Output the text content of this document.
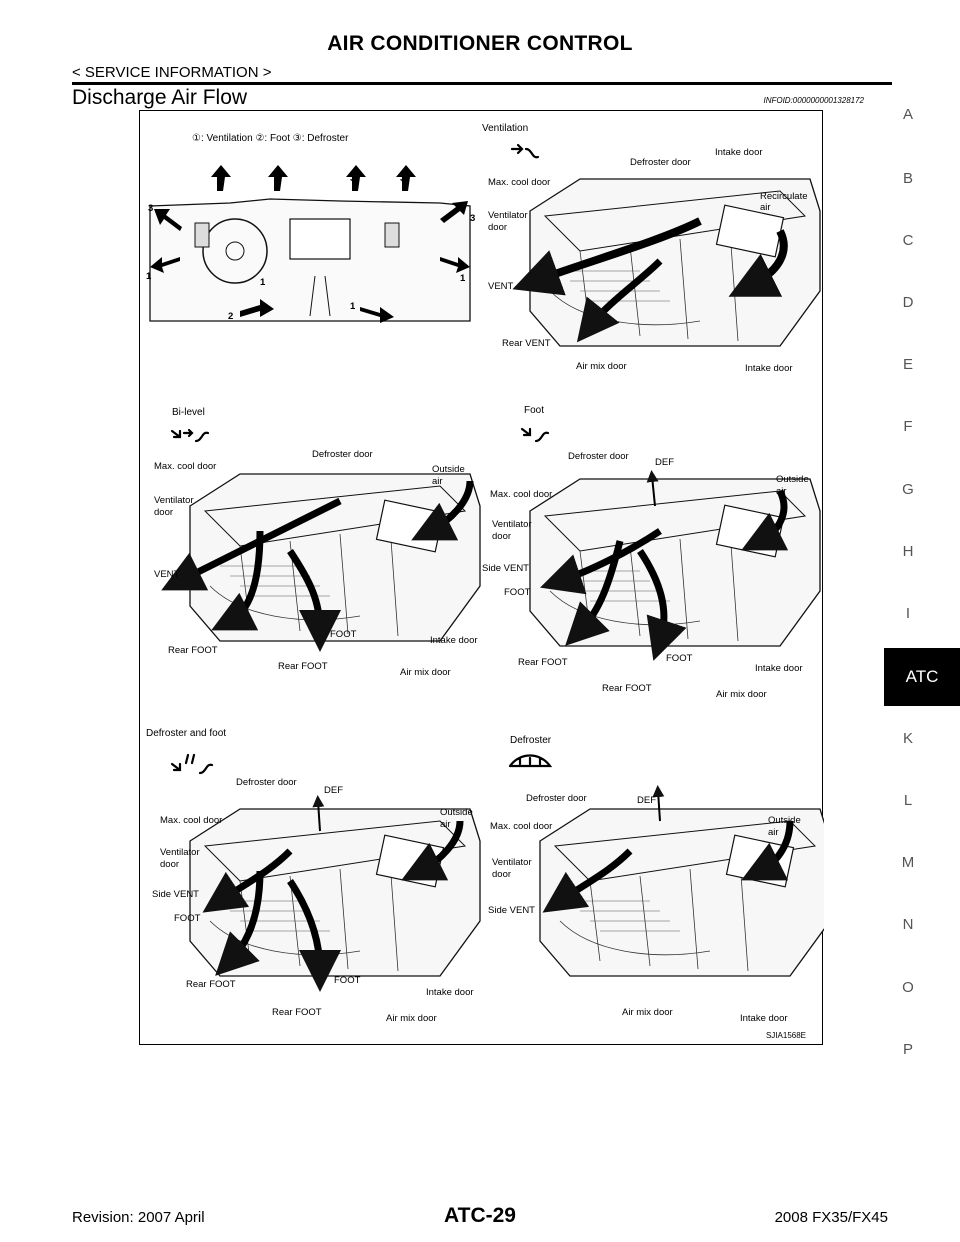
AIR CONDITIONER CONTROL
< SERVICE INFORMATION >
Discharge Air Flow	INFOID:0000000001328172
①: Ventilation ②: Foot ③: Defroster
3	3	3	3
3
3
1
1
1
1
2	2
Ventilation
Defroster door
Intake door
Max. cool door
Recirculate
air
Ventilator
door
VENT
Rear VENT
Air mix door	Intake door
Bi-level
Defroster door
Max. cool door	Outside
air
Ventilator
door
VENT
FOOT
Intake door
Rear FOOT
Rear FOOT
Air mix door
Foot
Defroster door
DEF
Max. cool door
Outside
air
Ventilator
door
Side VENT
FOOT
FOOT
Rear FOOT
Intake door
Rear FOOT
Air mix door
Defroster and foot
Defroster door
DEF
Max. cool door
Outside
air
Ventilator
door
Side VENT
FOOT
Rear FOOT	FOOT
Intake door
Rear FOOT
Air mix door
Defroster
Defroster door	DEF
Max. cool door
Outside
air
Ventilator
door
Side VENT
Air mix door
Intake door
SJIA1568E
A
B
C
D
E
F
G
H
I
ATC
K
L
M
N
O
P
Revision: 2007 April	ATC-29	2008 FX35/FX45
